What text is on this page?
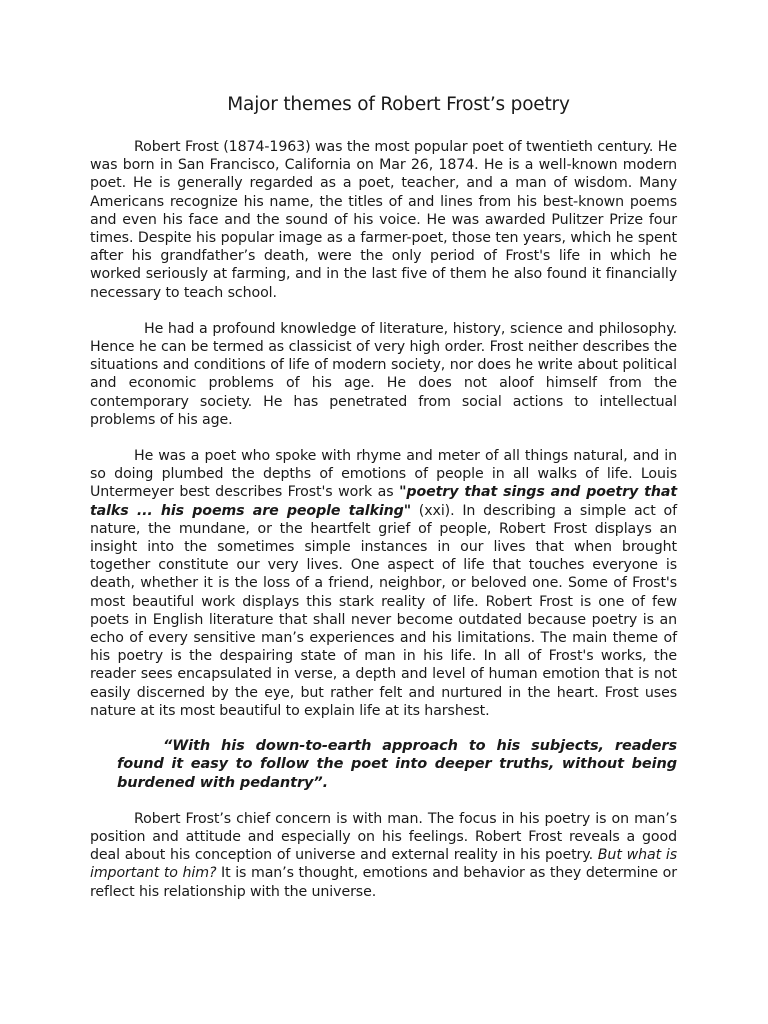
Major themes of Robert Frost’s poetry

Robert Frost (1874-1963) was the most popular poet of twentieth century. He was born in San Francisco, California on Mar 26, 1874. He is a well-known modern poet. He is generally regarded as a poet, teacher, and a man of wisdom. Many Americans recognize his name, the titles of and lines from his best-known poems and even his face and the sound of his voice. He was awarded Pulitzer Prize four times. Despite his popular image as a farmer-poet, those ten years, which he spent after his grandfather’s death, were the only period of Frost's life in which he worked seriously at farming, and in the last five of them he also found it financially necessary to teach school.

He had a profound knowledge of literature, history, science and philosophy. Hence he can be termed as classicist of very high order. Frost neither describes the situations and conditions of life of modern society, nor does he write about political and economic problems of his age. He does not aloof himself from the contemporary society. He has penetrated from social actions to intellectual problems of his age.

He was a poet who spoke with rhyme and meter of all things natural, and in so doing plumbed the depths of emotions of people in all walks of life. Louis Untermeyer best describes Frost's work as "poetry that sings and poetry that talks ... his poems are people talking" (xxi). In describing a simple act of nature, the mundane, or the heartfelt grief of people, Robert Frost displays an insight into the sometimes simple instances in our lives that when brought together constitute our very lives. One aspect of life that touches everyone is death, whether it is the loss of a friend, neighbor, or beloved one. Some of Frost's most beautiful work displays this stark reality of life. Robert Frost is one of few poets in English literature that shall never become outdated because poetry is an echo of every sensitive man’s experiences and his limitations. The main theme of his poetry is the despairing state of man in his life. In all of Frost's works, the reader sees encapsulated in verse, a depth and level of human emotion that is not easily discerned by the eye, but rather felt and nurtured in the heart. Frost uses nature at its most beautiful to explain life at its harshest.

“With his down-to-earth approach to his subjects, readers found it easy to follow the poet into deeper truths, without being burdened with pedantry”.

Robert Frost’s chief concern is with man. The focus in his poetry is on man’s position and attitude and especially on his feelings. Robert Frost reveals a good deal about his conception of universe and external reality in his poetry. But what is important to him? It is man’s thought, emotions and behavior as they determine or reflect his relationship with the universe.
